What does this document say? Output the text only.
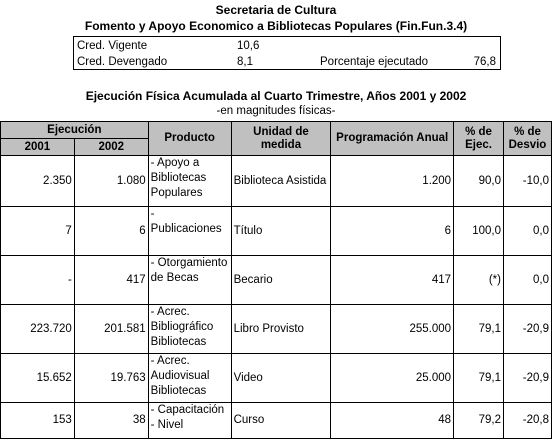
Secretaria de Cultura
Fomento y Apoyo Economico a Bibliotecas Populares (Fin.Fun.3.4)
Cred. Vigente	10,6
Cred. Devengado	8,1	Porcentaje ejecutado	76,8
Ejecución Física Acumulada al Cuarto Trimestre, Años 2001 y 2002
-en magnitudes físicas-
Ejecución		Producto	Unidad de medida	Programación Anual	% de Ejec.	% de Desvio
2001	2002					
2.350	1.080	- Apoyo a Bibliotecas Populares	Biblioteca Asistida	1.200	90,0	-10,0
7	6	- Publicaciones	Título	6	100,0	0,0
-	417	- Otorgamiento de Becas	Becario	417	(*)	0,0
223.720	201.581	- Acrec. Bibliográfico Bibliotecas	Libro Provisto	255.000	79,1	-20,9
15.652	19.763	- Acrec. Audiovisual Bibliotecas	Video	25.000	79,1	-20,9
153	38	- Capacitación - Nivel	Curso	48	79,2	-20,8
